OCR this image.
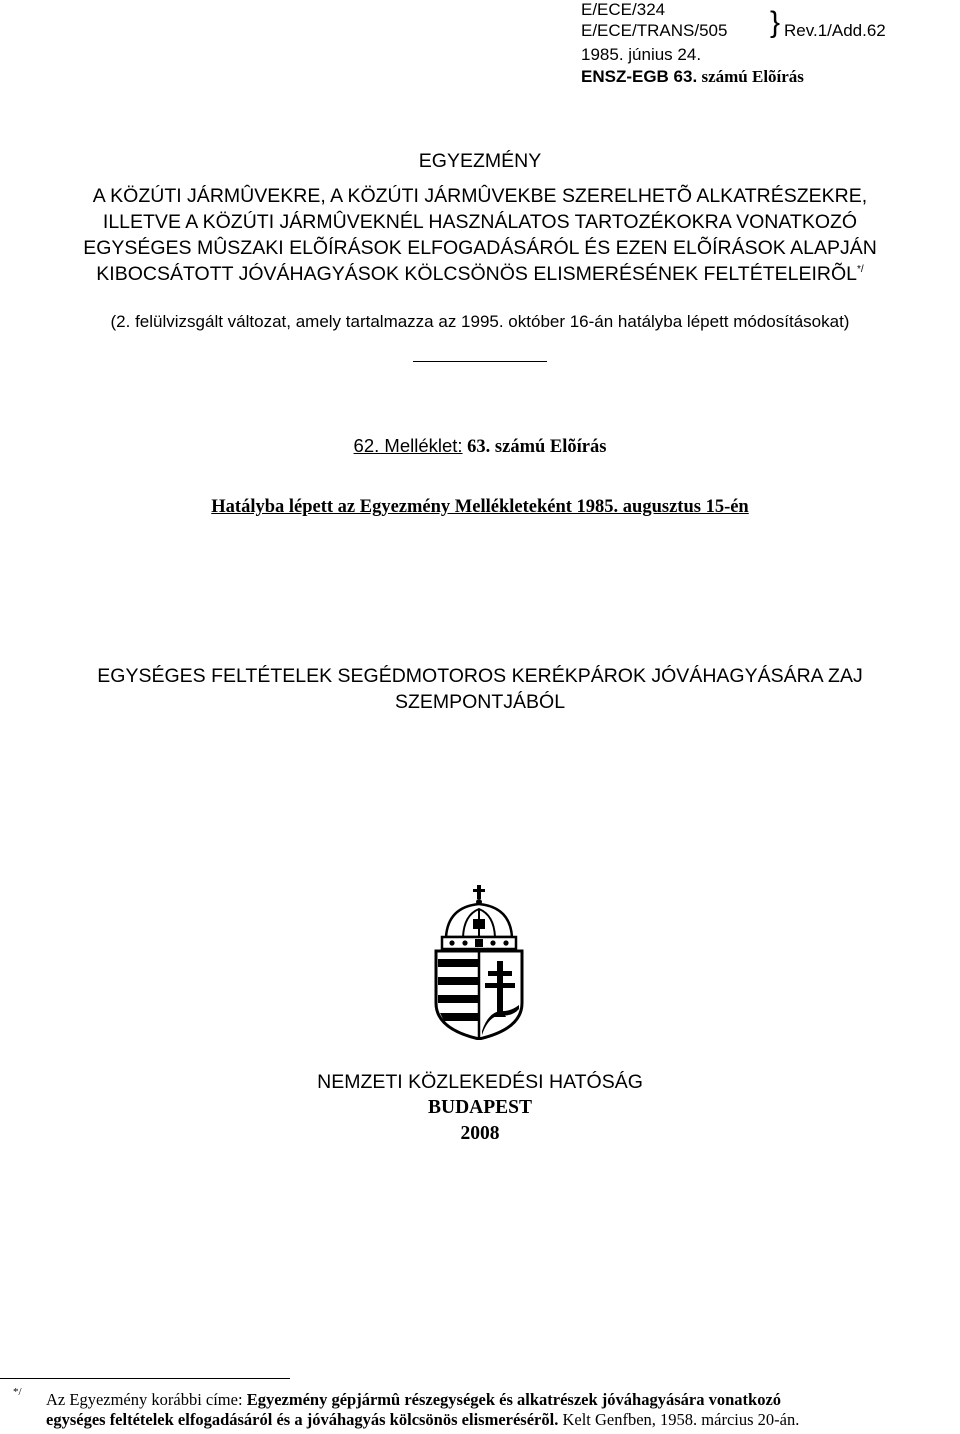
E/ECE/324
E/ECE/TRANS/505 } Rev.1/Add.62
1985. június 24.
ENSZ-EGB 63. számú Elõírás
EGYEZMÉNY
A KÖZÚTI JÁRMÛVEKRE, A KÖZÚTI JÁRMÛVEKBE SZERELHETÕ ALKATRÉSZEKRE,
ILLETVE A KÖZÚTI JÁRMÛVEKNÉL HASZNÁLATOS TARTOZÉKOKRA VONATKOZÓ
EGYSÉGES MÛSZAKI ELÕÍRÁSOK ELFOGADÁSÁRÓL ÉS EZEN ELÕÍRÁSOK ALAPJÁN
KIBOCSÁTOTT JÓVÁHAGYÁSOK KÖLCSÖNÖS ELISMERÉSÉNEK FELTÉTELEIRÕL*/
(2. felülvizsgált változat, amely tartalmazza az 1995. október 16-án hatályba lépett módosításokat)
62. Melléklet: 63. számú Elõírás
Hatályba lépett az Egyezmény Mellékleteként 1985. augusztus 15-én
EGYSÉGES FELTÉTELEK SEGÉDMOTOROS KERÉKPÁROK JÓVÁHAGYÁSÁRA ZAJ
SZEMPONTJÁBÓL
NEMZETI KÖZLEKEDÉSI HATÓSÁG
BUDAPEST
2008
*/ Az Egyezmény korábbi címe: Egyezmény gépjármû részegységek és alkatrészek jóváhagyására vonatkozó
egységes feltételek elfogadásáról és a jóváhagyás kölcsönös elismerésérõl. Kelt Genfben, 1958. március 20-án.
